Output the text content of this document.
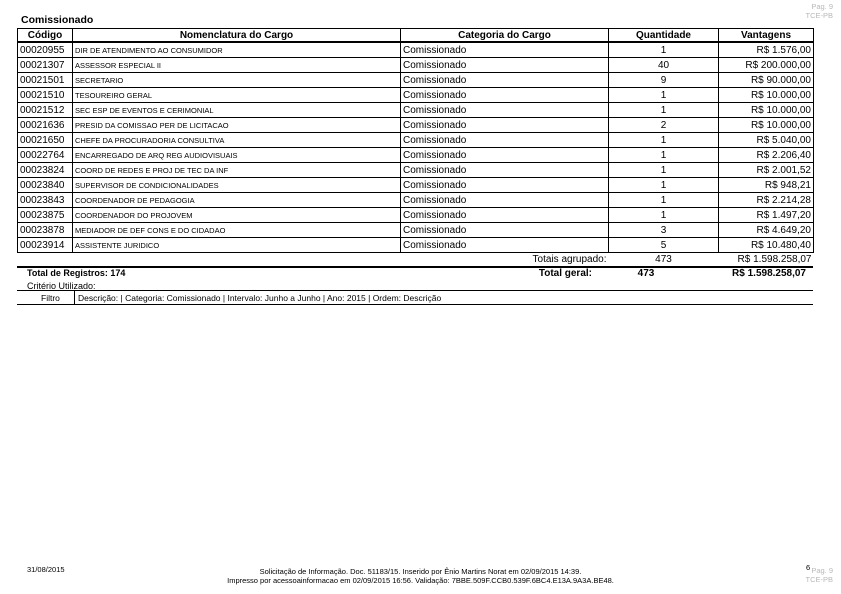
Pag. 9
TCE-PB
Comissionado
Código	Nomenclatura do Cargo	Categoria do Cargo	Quantidade	Vantagens
00020955	DIR DE ATENDIMENTO AO CONSUMIDOR	Comissionado	1	R$ 1.576,00
00021307	ASSESSOR ESPECIAL II	Comissionado	40	R$ 200.000,00
00021501	SECRETARIO	Comissionado	9	R$ 90.000,00
00021510	TESOUREIRO GERAL	Comissionado	1	R$ 10.000,00
00021512	SEC ESP DE EVENTOS E CERIMONIAL	Comissionado	1	R$ 10.000,00
00021636	PRESID DA COMISSAO PER DE LICITACAO	Comissionado	2	R$ 10.000,00
00021650	CHEFE DA PROCURADORIA CONSULTIVA	Comissionado	1	R$ 5.040,00
00022764	ENCARREGADO DE ARQ REG AUDIOVISUAIS	Comissionado	1	R$ 2.206,40
00023824	COORD DE REDES E PROJ DE TEC DA INF	Comissionado	1	R$ 2.001,52
00023840	SUPERVISOR DE CONDICIONALIDADES	Comissionado	1	R$ 948,21
00023843	COORDENADOR DE PEDAGOGIA	Comissionado	1	R$ 2.214,28
00023875	COORDENADOR DO PROJOVEM	Comissionado	1	R$ 1.497,20
00023878	MEDIADOR DE DEF CONS E DO CIDADAO	Comissionado	3	R$ 4.649,20
00023914	ASSISTENTE JURIDICO	Comissionado	5	R$ 10.480,40
Totais agrupado:			473	R$ 1.598.258,07
Total de Registros: 174	Total geral:	473	R$ 1.598.258,07
Critério Utilizado:
Filtro Descrição: | Categoria: Comissionado | Intervalo: Junho a Junho | Ano: 2015 | Ordem: Descrição
31/08/2015	Solicitação de Informação. Doc. 51183/15. Inserido por Ênio Martins Norat em 02/09/2015 14:39.
Impresso por acessoainformacao em 02/09/2015 16:56. Validação: 7BBE.509F.CCB0.539F.6BC4.E13A.9A3A.BE48.
6 Pag. 9
TCE-PB
